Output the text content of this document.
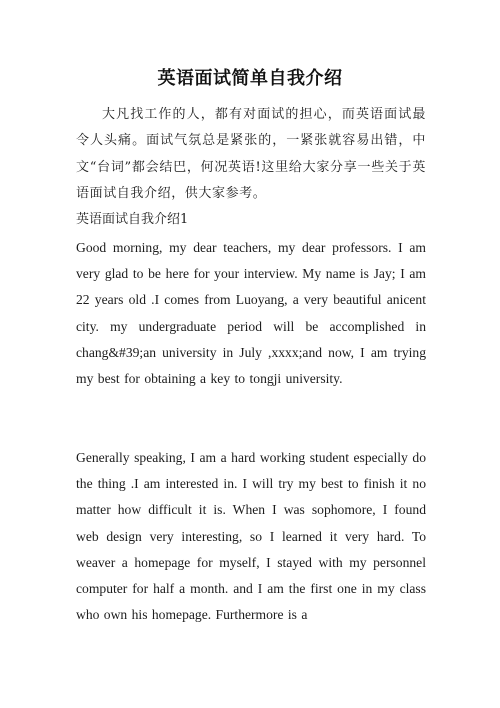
英语面试简单自我介绍
大凡找工作的人，都有对面试的担心，而英语面试最令人头痛。面试气氛总是紧张的，一紧张就容易出错，中文“台词”都会结巴，何况英语!这里给大家分享一些关于英语面试自我介绍，供大家参考。
英语面试自我介绍1
Good morning, my dear teachers, my dear professors. I am very glad to be here for your interview. My name is Jay; I am 22 years old .I comes from Luoyang, a very beautiful anicent city. my undergraduate period will be accomplished in chang&#39;an university in July ,xxxx;and now, I am trying my best for obtaining a key to tongji university.
Generally speaking, I am a hard working student especially do the thing .I am interested in. I will try my best to finish it no matter how difficult it is. When I was sophomore, I found web design very interesting, so I learned it very hard. To weaver a homepage for myself, I stayed with my personnel computer for half a month. and I am the first one in my class who own his homepage. Furthermore is a
